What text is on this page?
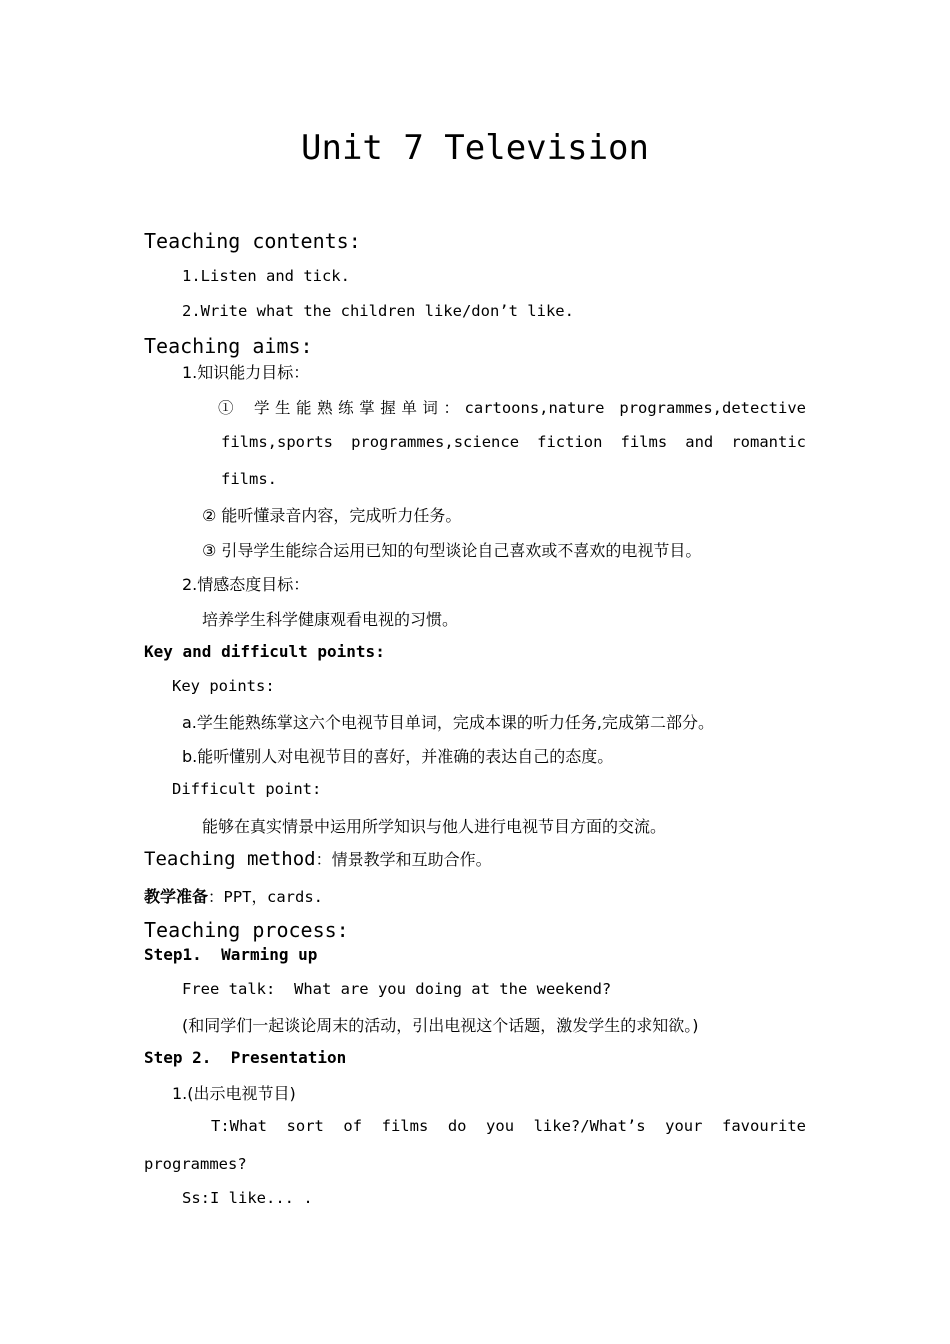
Unit 7 Television
Teaching contents:
1.Listen and tick.
2.Write what the children like/don’t like.
Teaching aims:
1.知识能力目标：
① 学生能熟练掌握单词：cartoons,nature programmes,detective
films,sports programmes,science fiction films and romantic
films.
② 能听懂录音内容，完成听力任务。
③ 引导学生能综合运用已知的句型谈论自己喜欢或不喜欢的电视节目。
2.情感态度目标：
培养学生科学健康观看电视的习惯。
Key and difficult points:
Key points:
a.学生能熟练掌这六个电视节目单词，完成本课的听力任务,完成第二部分。
b.能听懂别人对电视节目的喜好，并准确的表达自己的态度。
Difficult point:
能够在真实情景中运用所学知识与他人进行电视节目方面的交流。
Teaching method：情景教学和互助合作。
教学准备：PPT，cards.
Teaching process:
Step1.  Warming up
Free talk:  What are you doing at the weekend?
(和同学们一起谈论周末的活动，引出电视这个话题，激发学生的求知欲。)
Step 2.  Presentation
1.(出示电视节目)
T:What sort of films do you like?/What’s your favourite
programmes?
Ss:I like... .
